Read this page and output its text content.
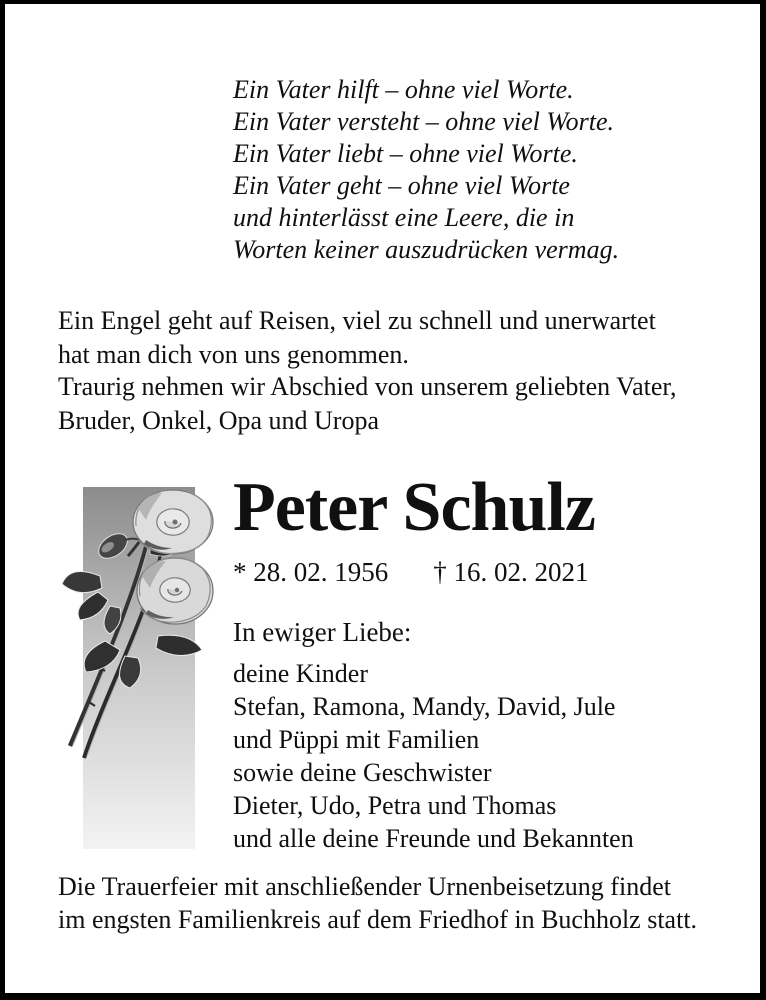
Ein Vater hilft – ohne viel Worte.
Ein Vater versteht – ohne viel Worte.
Ein Vater liebt – ohne viel Worte.
Ein Vater geht – ohne viel Worte
und hinterlässt eine Leere, die in
Worten keiner auszudrücken vermag.
Ein Engel geht auf Reisen, viel zu schnell und unerwartet
hat man dich von uns genommen.
Traurig nehmen wir Abschied von unserem geliebten Vater,
Bruder, Onkel, Opa und Uropa
Peter Schulz
* 28. 02. 1956 † 16. 02. 2021
In ewiger Liebe:
deine Kinder
Stefan, Ramona, Mandy, David, Jule
und Püppi mit Familien
sowie deine Geschwister
Dieter, Udo, Petra und Thomas
und alle deine Freunde und Bekannten
Die Trauerfeier mit anschließender Urnenbeisetzung findet
im engsten Familienkreis auf dem Friedhof in Buchholz statt.
